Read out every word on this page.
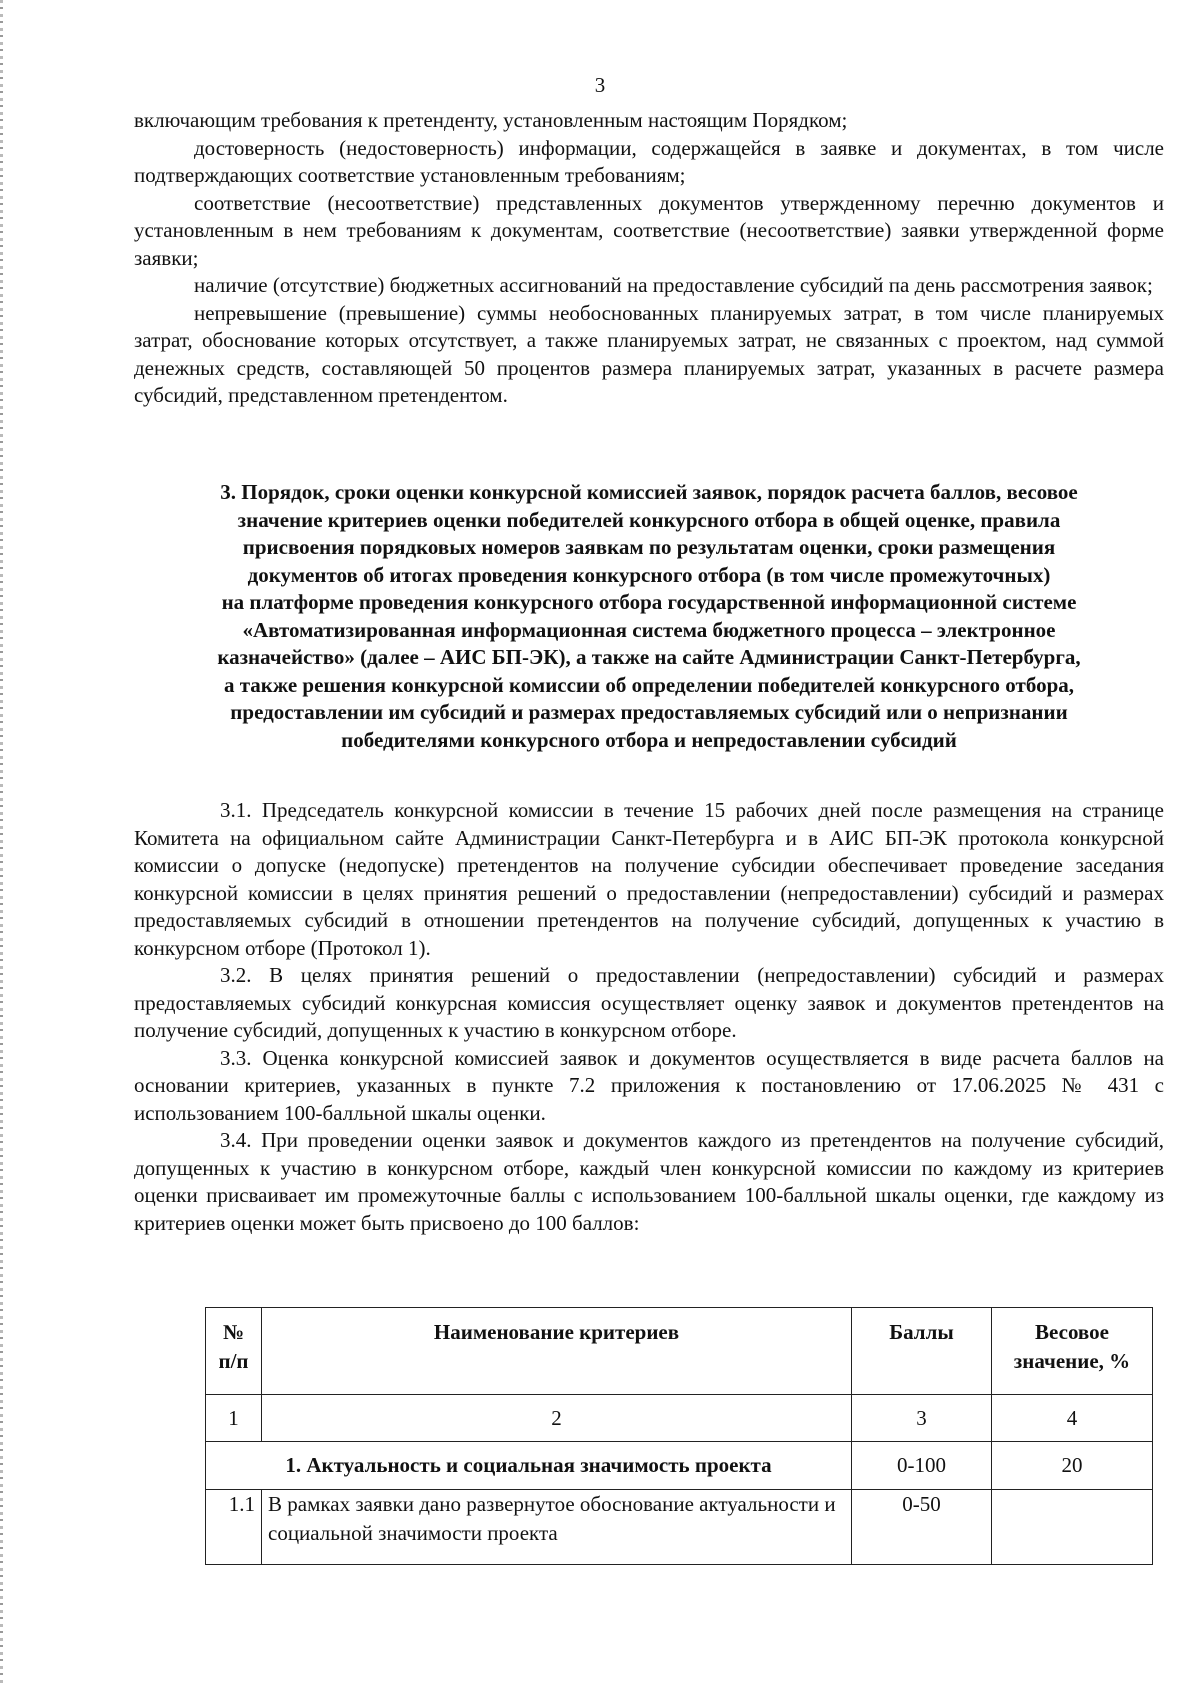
3

включающим требования к претенденту, установленным настоящим Порядком;

достоверность (недостоверность) информации, содержащейся в заявке и документах, в том числе подтверждающих соответствие установленным требованиям;

соответствие (несоответствие) представленных документов утвержденному перечню документов и установленным в нем требованиям к документам, соответствие (несоответствие) заявки утвержденной форме заявки;

наличие (отсутствие) бюджетных ассигнований на предоставление субсидий па день рассмотрения заявок;

непревышение (превышение) суммы необоснованных планируемых затрат, в том числе планируемых затрат, обоснование которых отсутствует, а также планируемых затрат, не связанных с проектом, над суммой денежных средств, составляющей 50 процентов размера планируемых затрат, указанных в расчете размера субсидий, представленном претендентом.

3. Порядок, сроки оценки конкурсной комиссией заявок, порядок расчета баллов, весовое
значение критериев оценки победителей конкурсного отбора в общей оценке, правила
присвоения порядковых номеров заявкам по результатам оценки, сроки размещения
документов об итогах проведения конкурсного отбора (в том числе промежуточных)
на платформе проведения конкурсного отбора государственной информационной системе
«Автоматизированная информационная система бюджетного процесса – электронное
казначейство» (далее – АИС БП-ЭК), а также на сайте Администрации Санкт-Петербурга,
а также решения конкурсной комиссии об определении победителей конкурсного отбора,
предоставлении им субсидий и размерах предоставляемых субсидий или о непризнании
победителями конкурсного отбора и непредоставлении субсидий

3.1. Председатель конкурсной комиссии в течение 15 рабочих дней после размещения на странице Комитета на официальном сайте Администрации Санкт-Петербурга и в АИС БП-ЭК протокола конкурсной комиссии о допуске (недопуске) претендентов на получение субсидии обеспечивает проведение заседания конкурсной комиссии в целях принятия решений о предоставлении (непредоставлении) субсидий и размерах предоставляемых субсидий в отношении претендентов на получение субсидий, допущенных к участию в конкурсном отборе (Протокол 1).

3.2. В целях принятия решений о предоставлении (непредоставлении) субсидий и размерах предоставляемых субсидий конкурсная комиссия осуществляет оценку заявок и документов претендентов на получение субсидий, допущенных к участию в конкурсном отборе.

3.3. Оценка конкурсной комиссией заявок и документов осуществляется в виде расчета баллов на основании критериев, указанных в пункте 7.2 приложения к постановлению от 17.06.2025 № 431 с использованием 100-балльной шкалы оценки.

3.4. При проведении оценки заявок и документов каждого из претендентов на получение субсидий, допущенных к участию в конкурсном отборе, каждый член конкурсной комиссии по каждому из критериев оценки присваивает им промежуточные баллы с использованием 100-балльной шкалы оценки, где каждому из критериев оценки может быть присвоено до 100 баллов:

№ п/п	Наименование критериев	Баллы	Весовое значение, %
1	2	3	4
1. Актуальность и социальная значимость проекта		0-100	20
1.1	В рамках заявки дано развернутое обоснование актуальности и социальной значимости проекта	0-50	
